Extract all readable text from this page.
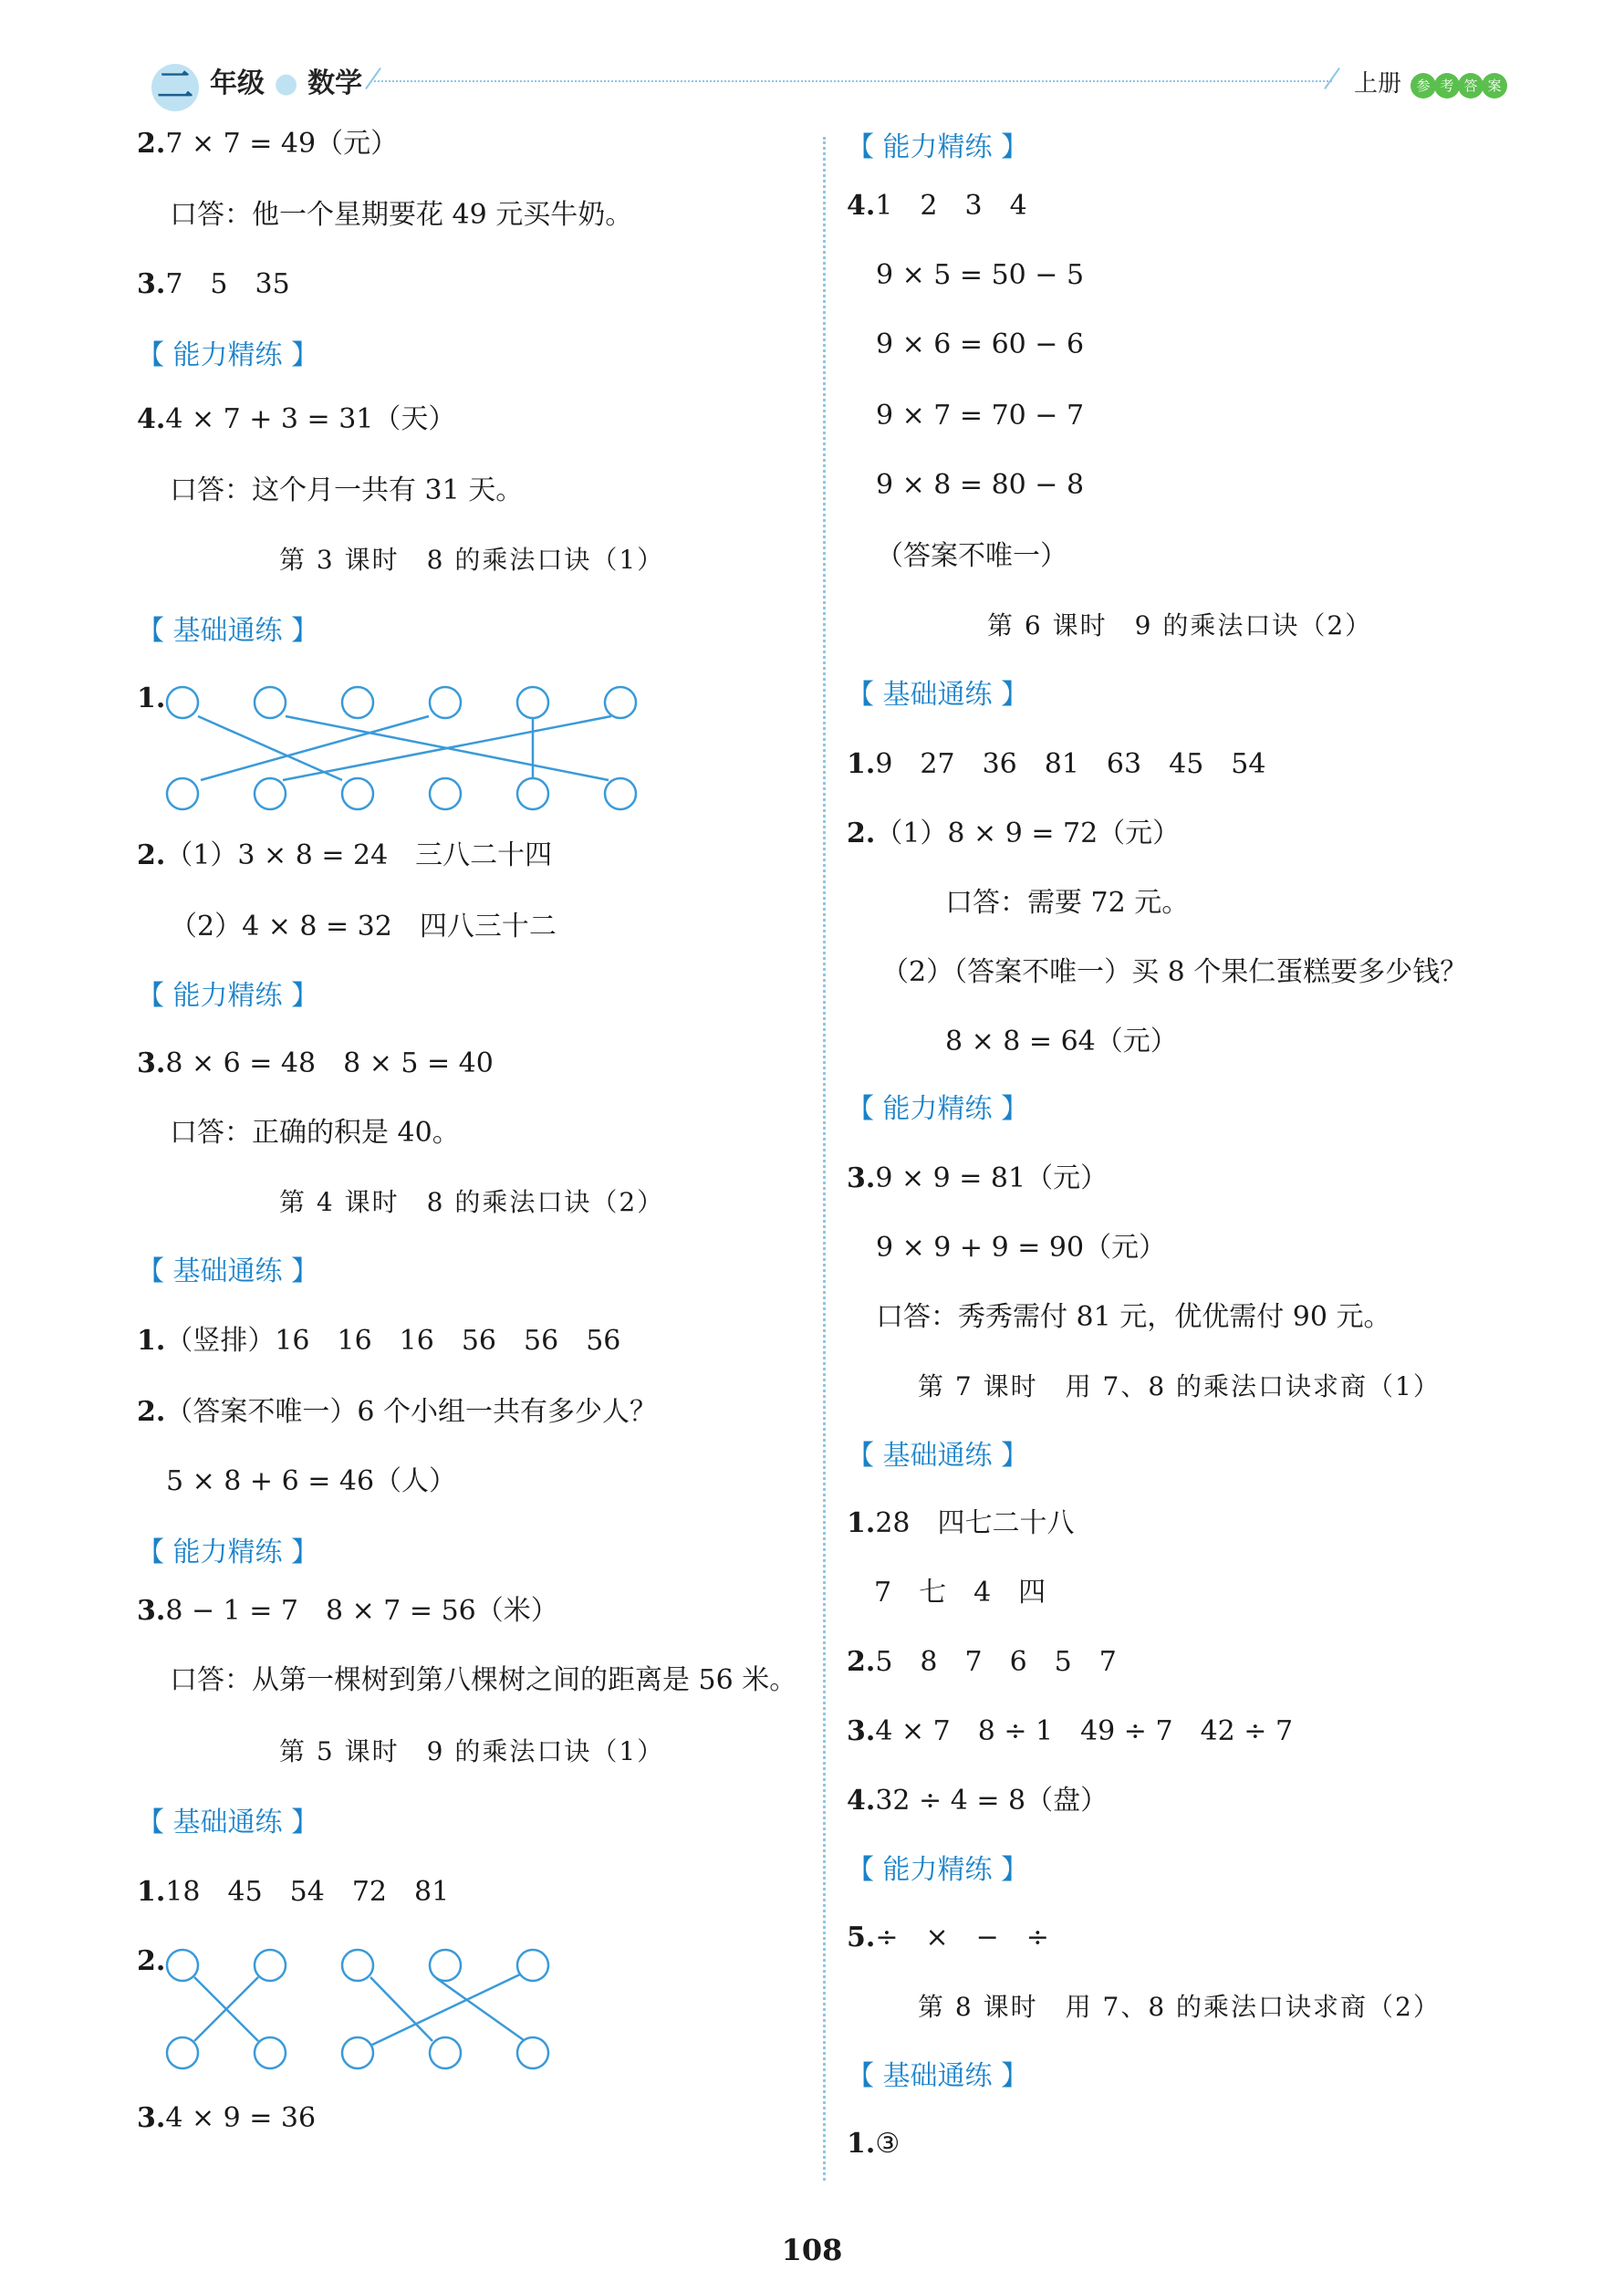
二 年级 ● 数学	上册	参 考 答 案
2.7 × 7 = 49（元）
口答：他一个星期要花 49 元买牛奶。
3.7　5　35
【 能力精练 】
4.4 × 7 + 3 = 31（天）
口答：这个月一共有 31 天。
第 3 课时　8 的乘法口诀（1）
【 基础通练 】
1.
2.（1）3 × 8 = 24　三八二十四
（2）4 × 8 = 32　四八三十二
【 能力精练 】
3.8 × 6 = 48　8 × 5 = 40
口答：正确的积是 40。
第 4 课时　8 的乘法口诀（2）
【 基础通练 】
1.（竖排）16　16　16　56　56　56
2.（答案不唯一）6 个小组一共有多少人？
5 × 8 + 6 = 46（人）
【 能力精练 】
3.8 − 1 = 7　8 × 7 = 56（米）
口答：从第一棵树到第八棵树之间的距离是 56 米。
第 5 课时　9 的乘法口诀（1）
【 基础通练 】
1.18　45　54　72　81
2.
3.4 × 9 = 36
【 能力精练 】
4.1　2　3　4
9 × 5 = 50 − 5
9 × 6 = 60 − 6
9 × 7 = 70 − 7
9 × 8 = 80 − 8
（答案不唯一）
第 6 课时　9 的乘法口诀（2）
【 基础通练 】
1.9　27　36　81　63　45　54
2.（1）8 × 9 = 72（元）
口答：需要 72 元。
（2）（答案不唯一）买 8 个果仁蛋糕要多少钱？
8 × 8 = 64（元）
【 能力精练 】
3.9 × 9 = 81（元）
9 × 9 + 9 = 90（元）
口答：秀秀需付 81 元，优优需付 90 元。
第 7 课时　用 7、8 的乘法口诀求商（1）
【 基础通练 】
1.28　四七二十八
7　七　4　四
2.5　8　7　6　5　7
3.4 × 7　8 ÷ 1　49 ÷ 7　42 ÷ 7
4.32 ÷ 4 = 8（盘）
【 能力精练 】
5.÷　×　−　÷
第 8 课时　用 7、8 的乘法口诀求商（2）
【 基础通练 】
1.③
108
